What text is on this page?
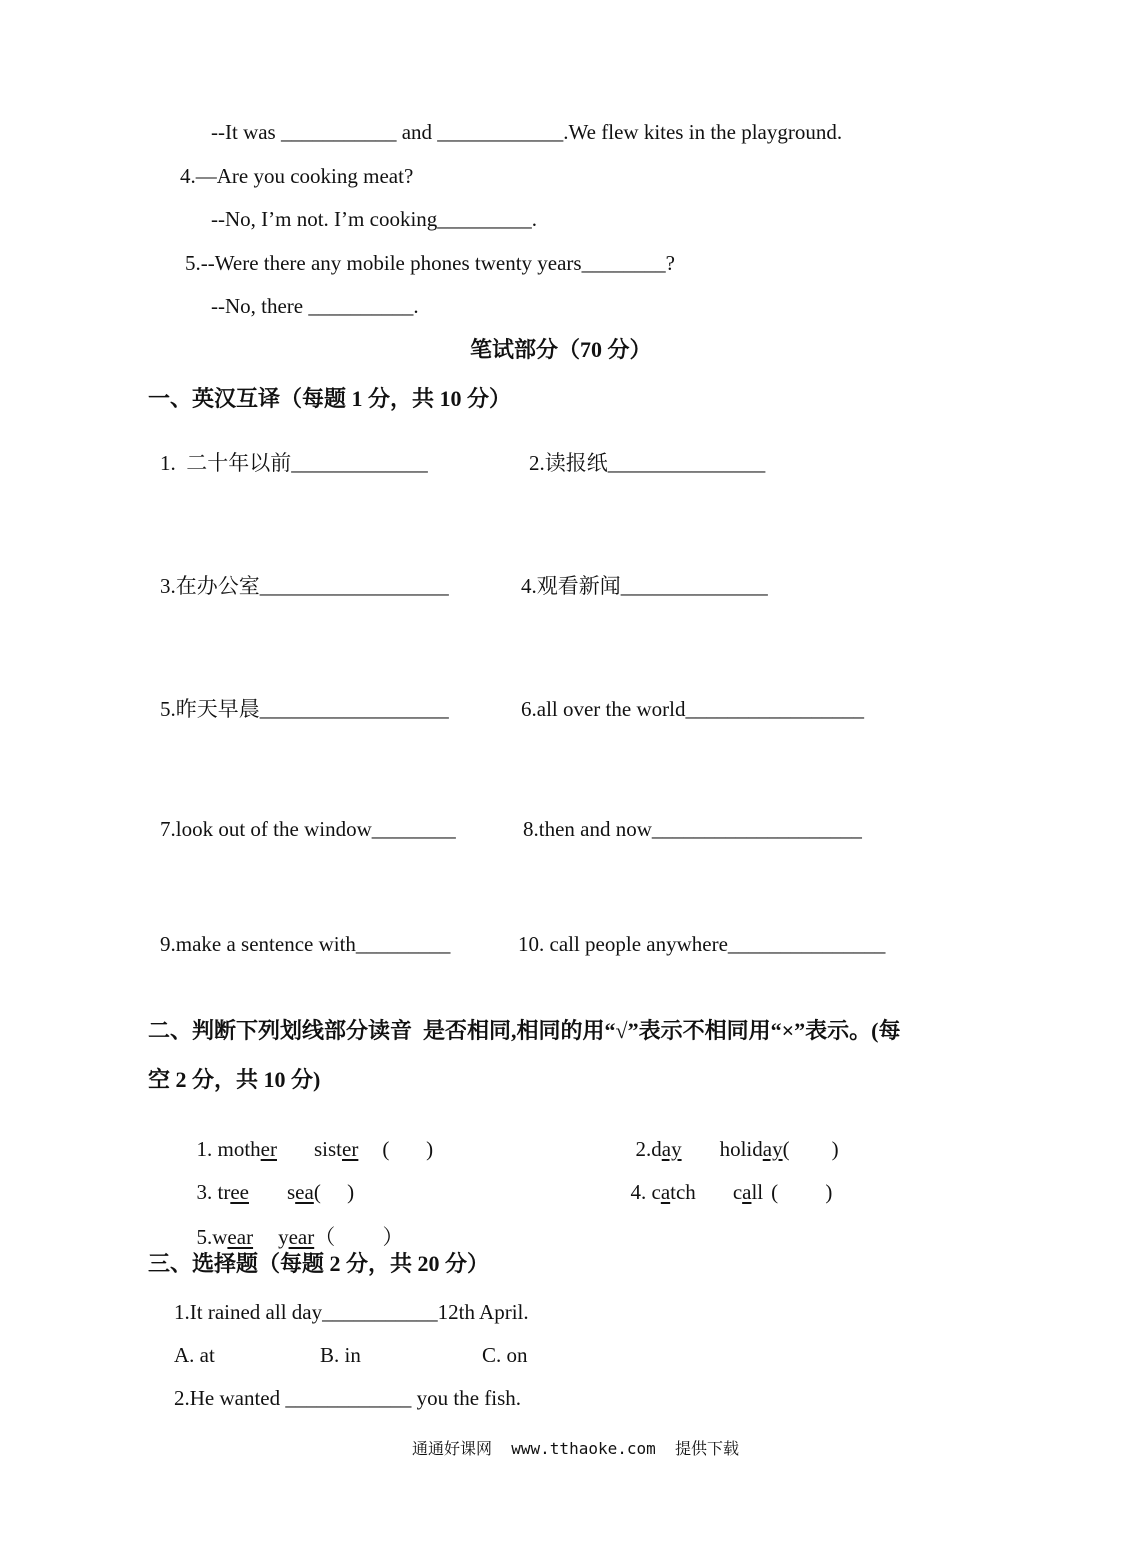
--It was ___________ and ____________.We flew kites in the playground.
4.—Are you cooking meat?
--No, I’m not. I’m cooking_________.
5.--Were there any mobile phones twenty years________?
--No, there __________.
笔试部分（70 分）
一、英汉互译（每题 1 分，共 10 分）
1.  二十年以前_____________	2.读报纸_______________
3.在办公室__________________	4.观看新闻______________
5.昨天早晨__________________	6.all over the world_________________
7.look out of the window________	8.then and now____________________
9.make a sentence with_________	10. call people anywhere_______________
二、判断下列划线部分读音  是否相同,相同的用“√”表示不相同用“×”表示。(每
空 2 分，共 10 分)

1. mother sister (       )	2.day holiday(        )

3. tree sea(     )	4. catch call (         )

5.wear year（         ）

三、选择题（每题 2 分，共 20 分）
1.It rained all day___________12th April.
A. at	B. in	C. on
2.He wanted ____________ you the fish.
通通好课网  www.tthaoke.com  提供下载
